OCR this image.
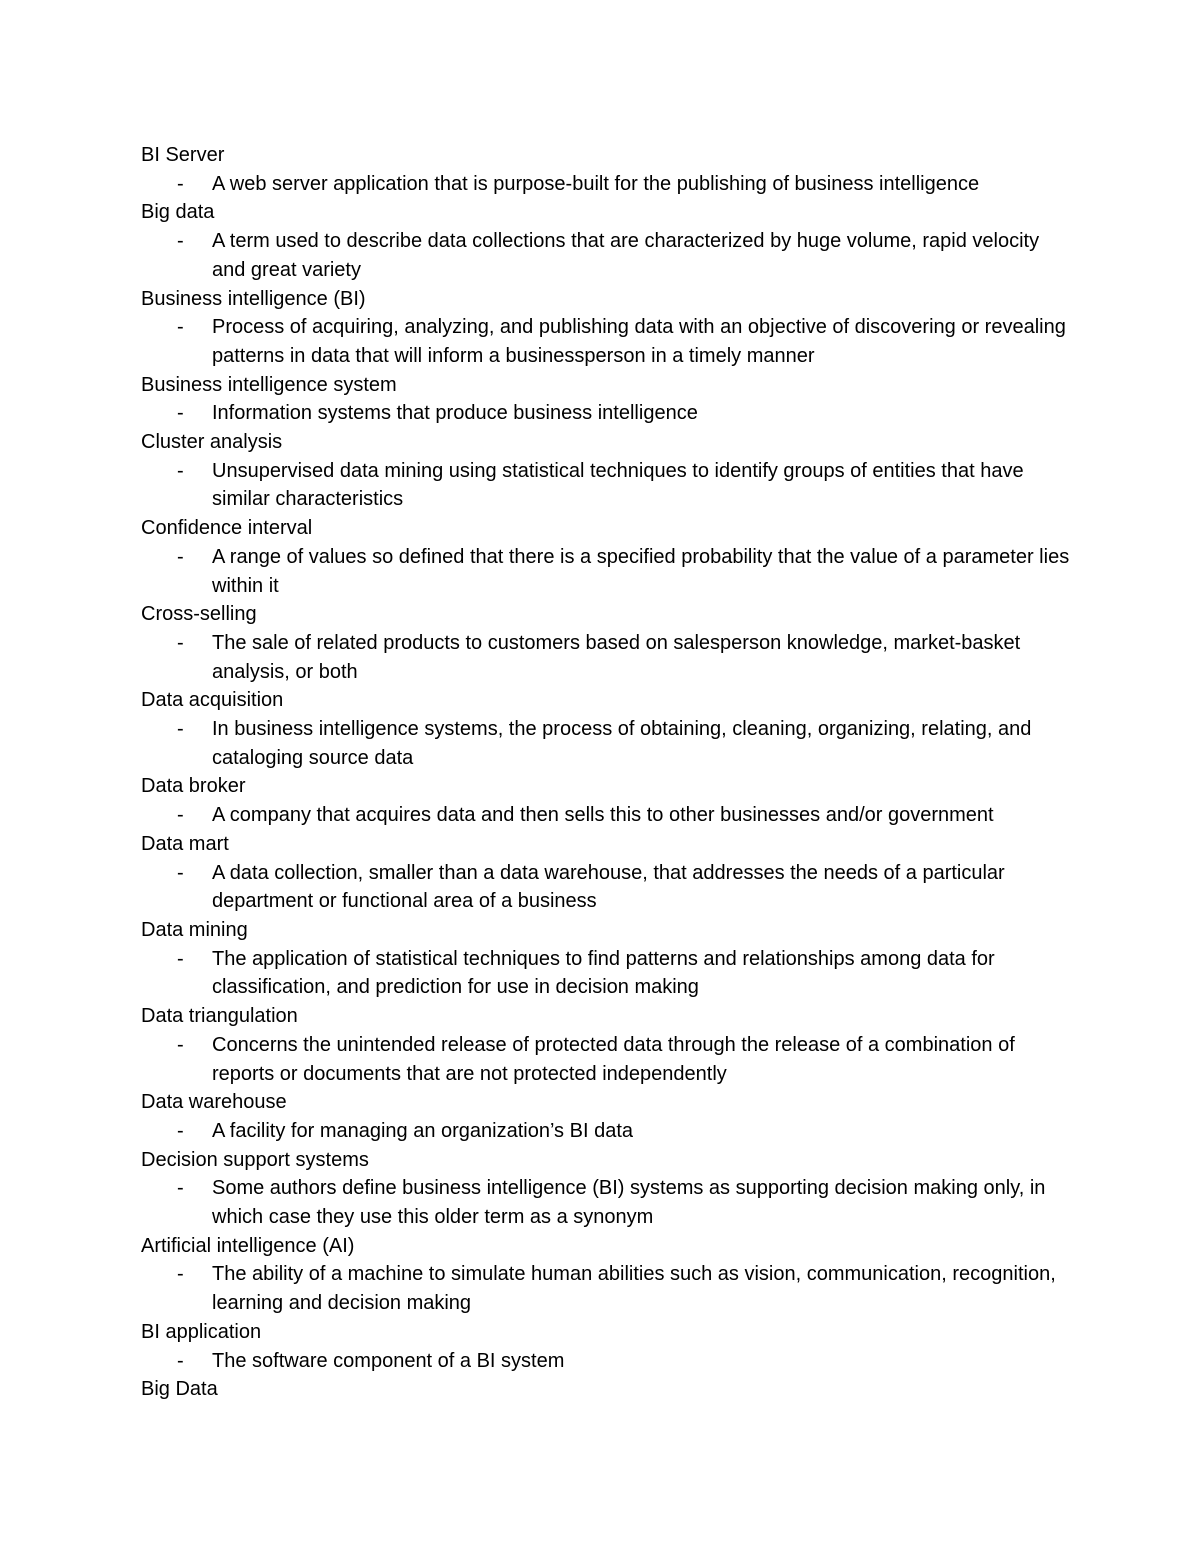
BI Server
- A web server application that is purpose-built for the publishing of business intelligence
Big data
- A term used to describe data collections that are characterized by huge volume, rapid velocity and great variety
Business intelligence (BI)
- Process of acquiring, analyzing, and publishing data with an objective of discovering or revealing patterns in data that will inform a businessperson in a timely manner
Business intelligence system
- Information systems that produce business intelligence
Cluster analysis
- Unsupervised data mining using statistical techniques to identify groups of entities that have similar characteristics
Confidence interval
- A range of values so defined that there is a specified probability that the value of a parameter lies within it
Cross-selling
- The sale of related products to customers based on salesperson knowledge, market-basket analysis, or both
Data acquisition
- In business intelligence systems, the process of obtaining, cleaning, organizing, relating, and cataloging source data
Data broker
- A company that acquires data and then sells this to other businesses and/or government
Data mart
- A data collection, smaller than a data warehouse, that addresses the needs of a particular department or functional area of a business
Data mining
- The application of statistical techniques to find patterns and relationships among data for classification, and prediction for use in decision making
Data triangulation
- Concerns the unintended release of protected data through the release of a combination of reports or documents that are not protected independently
Data warehouse
- A facility for managing an organization’s BI data
Decision support systems
- Some authors define business intelligence (BI) systems as supporting decision making only, in which case they use this older term as a synonym
Artificial intelligence (AI)
- The ability of a machine to simulate human abilities such as vision, communication, recognition, learning and decision making
BI application
- The software component of a BI system
Big Data
